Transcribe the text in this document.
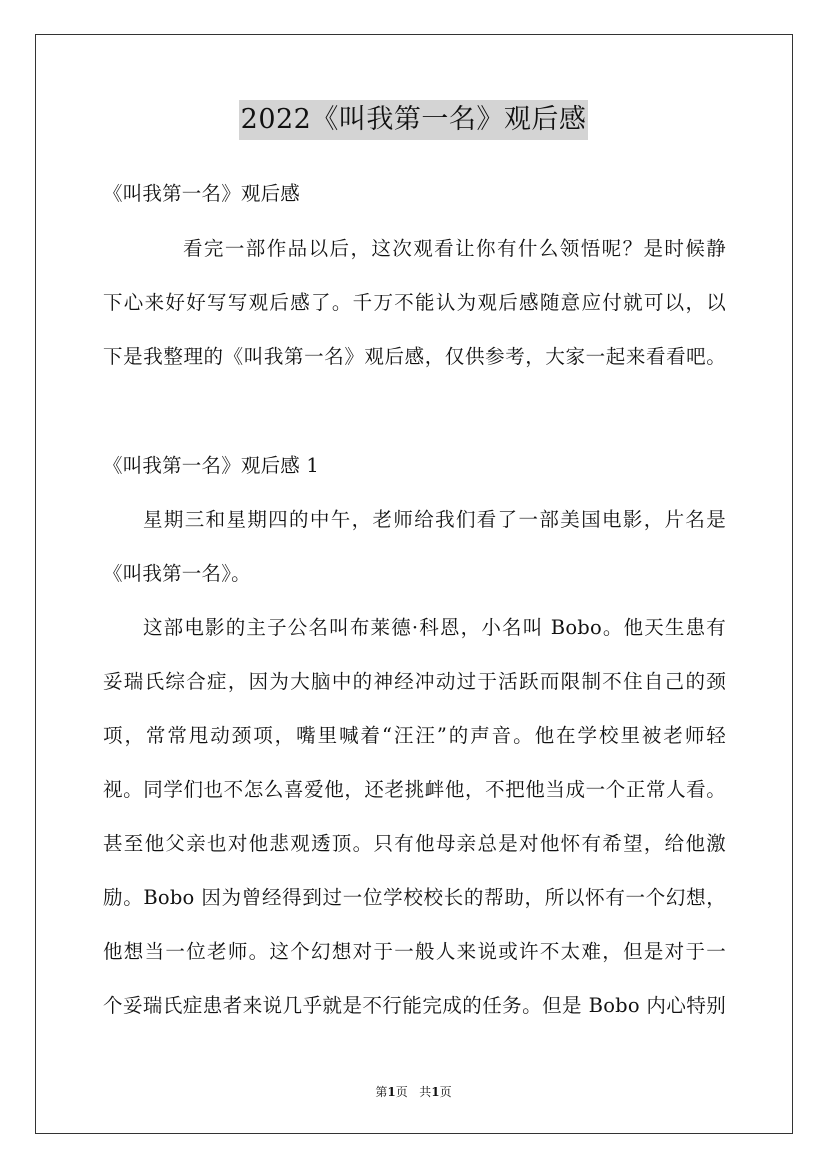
2022《叫我第一名》观后感
《叫我第一名》观后感
看完一部作品以后，这次观看让你有什么领悟呢？是时候静
下心来好好写写观后感了。千万不能认为观后感随意应付就可以，以
下是我整理的《叫我第一名》观后感，仅供参考，大家一起来看看吧。
《叫我第一名》观后感 1
星期三和星期四的中午，老师给我们看了一部美国电影，片名是
《叫我第一名》。
这部电影的主子公名叫布莱德·科恩，小名叫 Bobo。他天生患有
妥瑞氏综合症，因为大脑中的神经冲动过于活跃而限制不住自己的颈
项，常常甩动颈项，嘴里喊着“汪汪”的声音。他在学校里被老师轻
视。同学们也不怎么喜爱他，还老挑衅他，不把他当成一个正常人看。
甚至他父亲也对他悲观透顶。只有他母亲总是对他怀有希望，给他激
励。Bobo 因为曾经得到过一位学校校长的帮助，所以怀有一个幻想，
他想当一位老师。这个幻想对于一般人来说或许不太难，但是对于一
个妥瑞氏症患者来说几乎就是不行能完成的任务。但是 Bobo 内心特别
第1页 共1页
